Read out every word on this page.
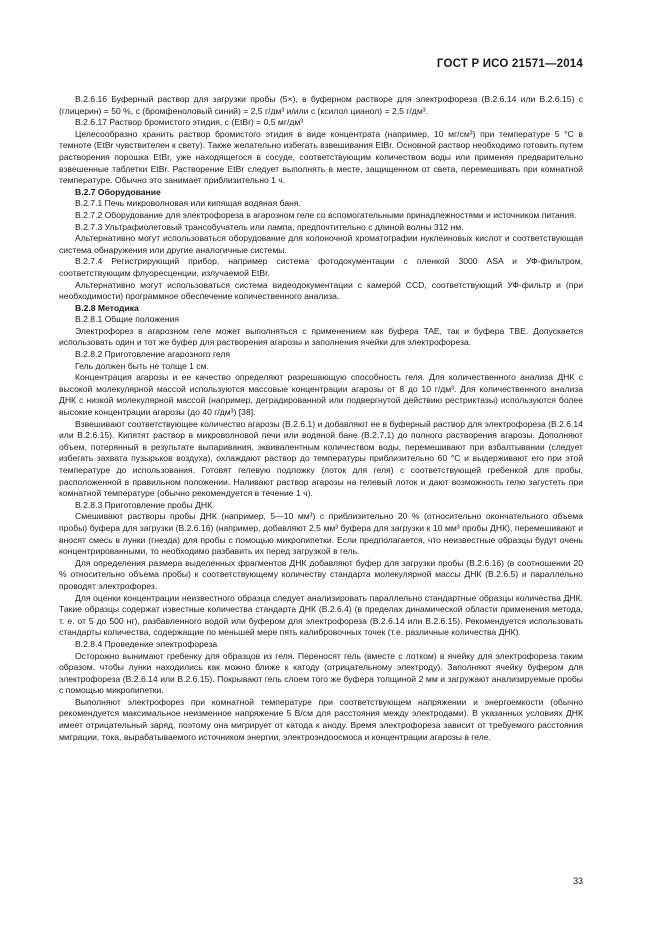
ГОСТ Р ИСО 21571—2014

В.2.6.16 Буферный раствор для загрузки пробы (5×), в буферном растворе для электрофореза (В.2.6.14 или В.2.6.15) с (глицерин) = 50 %, с (бромфеноловый синий) = 2,5 г/дм³ и/или с (ксилол цианол) = 2,5 г/дм³.

В.2.6.17 Раствор бромистого этидия, с (EtBr) = 0,5 мг/дм³

Целесообразно хранить раствор бромистого этидия в виде концентрата (например, 10 мг/см³) при температуре 5 °С в темноте (EtBr чувствителен к свету). Также желательно избегать взвешивания EtBr. Основной раствор необходимо готовить путем растворения порошка EtBr, уже находящегося в сосуде, соответствующим количеством воды или применяя предварительно взвешенные таблетки EtBr. Растворение EtBr следует выполнять в месте, защищенном от света, перемешивать при комнатной температуре. Обычно это занимает приблизительно 1 ч.

В.2.7 Оборудование

В.2.7.1 Печь микроволновая или кипящая водяная баня.

В.2.7.2 Оборудование для электрофореза в агарозном геле со вспомогательными принадлежностями и источником питания.

В.2.7.3 Ультрафиолетовый трансобучатель или лампа, предпочтительно с длиной волны 312 нм.

Альтернативно могут использоваться оборудование для колоночной хроматографии нуклеиновых кислот и соответствующая система обнаружения или другие аналогичные системы.

В.2.7.4 Регистрирующий прибор, например система фотодокументации с пленкой 3000 ASA и УФ-фильтром, соответствующим флуоресценции, излучаемой EtBr.

Альтернативно могут использоваться система видеодокументации с камерой CCD, соответствующий УФ-фильтр и (при необходимости) программное обеспечение количественного анализа.

В.2.8 Методика

В.2.8.1 Общие положения

Электрофорез в агарозном геле может выполняться с применением как буфера TAE, так и буфера TBE. Допускается использовать один и тот же буфер для растворения агарозы и заполнения ячейки для электрофореза.

В.2.8.2 Приготовление агарозного геля

Гель должен быть не толще 1 см.

Концентрация агарозы и ее качество определяют разрешающую способность геля. Для количественного анализа ДНК с высокой молекулярной массой используются массовые концентрации агарозы от 8 до 10 г/дм³. Для количественного анализа ДНК с низкой молекулярной массой (например, деградированной или подвергнутой действию рестриктазы) используются более высокие концентрации агарозы (до 40 г/дм³) [38].

Взвешивают соответствующее количество агарозы (В.2.6.1) и добавляют ее в буферный раствор для электрофореза (В.2.6.14 или В.2.6.15). Кипятят раствор в микроволновой печи или водяной бане (В.2.7.1) до полного растворения агарозы. Дополняют объем, потерянный в результате выпаривания, эквивалентным количеством воды, перемешивают при взбалтывании (следует избегать захвата пузырьков воздуха), охлаждают раствор до температуры приблизительно 60 °С и выдерживают его при этой температуре до использования. Готовят гелевую подложку (лоток для геля) с соответствующей гребенкой для пробы, расположенной в правильном положении. Наливают раствор агарозы на гелевый лоток и дают возможность гелю загустеть при комнатной температуре (обычно рекомендуется в течение 1 ч).

В.2.8.3 Приготовление пробы ДНК

Смешивают растворы пробы ДНК (например, 5—10 мм³) с приблизительно 20 % (относительно окончательного объема пробы) буфера для загрузки (В.2.6.16) (например, добавляют 2,5 мм³ буфера для загрузки к 10 мм³ пробы ДНК), перемешивают и вносят смесь в лунки (гнезда) для пробы с помощью микропипетки. Если предполагается, что неизвестные образцы будут очень концентрированными, то необходимо разбавить их перед загрузкой в гель.

Для определения размера выделенных фрагментов ДНК добавляют буфер для загрузки пробы (В.2.6.16) (в соотношении 20 % относительно объема пробы) к соответствующему количеству стандарта молекулярной массы ДНК (В.2.6.5) и параллельно проводят электрофорез.

Для оценки концентрации неизвестного образца следует анализировать параллельно стандартные образцы количества ДНК. Такие образцы содержат известные количества стандарта ДНК (В.2.6.4) (в пределах динамической области применения метода, т. е. от 5 до 500 нг), разбавленного водой или буфером для электрофореза (В.2.6.14 или В.2.6.15). Рекомендуется использовать стандарты количества, содержащие по меньшей мере пять калибровочных точек (т.е. различные количества ДНК).

В.2.8.4 Проведение электрофореза

Осторожно вынимают гребенку для образцов из геля. Переносят гель (вместе с лотком) в ячейку для электрофореза таким образом, чтобы лунки находились как можно ближе к катоду (отрицательному электроду). Заполняют ячейку буфером для электрофореза (В.2.6.14 или В.2.6.15). Покрывают гель слоем того же буфера толщиной 2 мм и загружают анализируемые пробы с помощью микропипетки.

Выполняют электрофорез при комнатной температуре при соответствующем напряжении и энергоемкости (обычно рекомендуется максимальное неизменное напряжение 5 В/см для расстояния между электродами). В указанных условиях ДНК имеет отрицательный заряд, поэтому она мигрирует от катода к аноду. Время электрофореза зависит от требуемого расстояния миграции, тока, вырабатываемого источником энергии, электроэндоосмоса и концентрации агарозы в геле.

33
